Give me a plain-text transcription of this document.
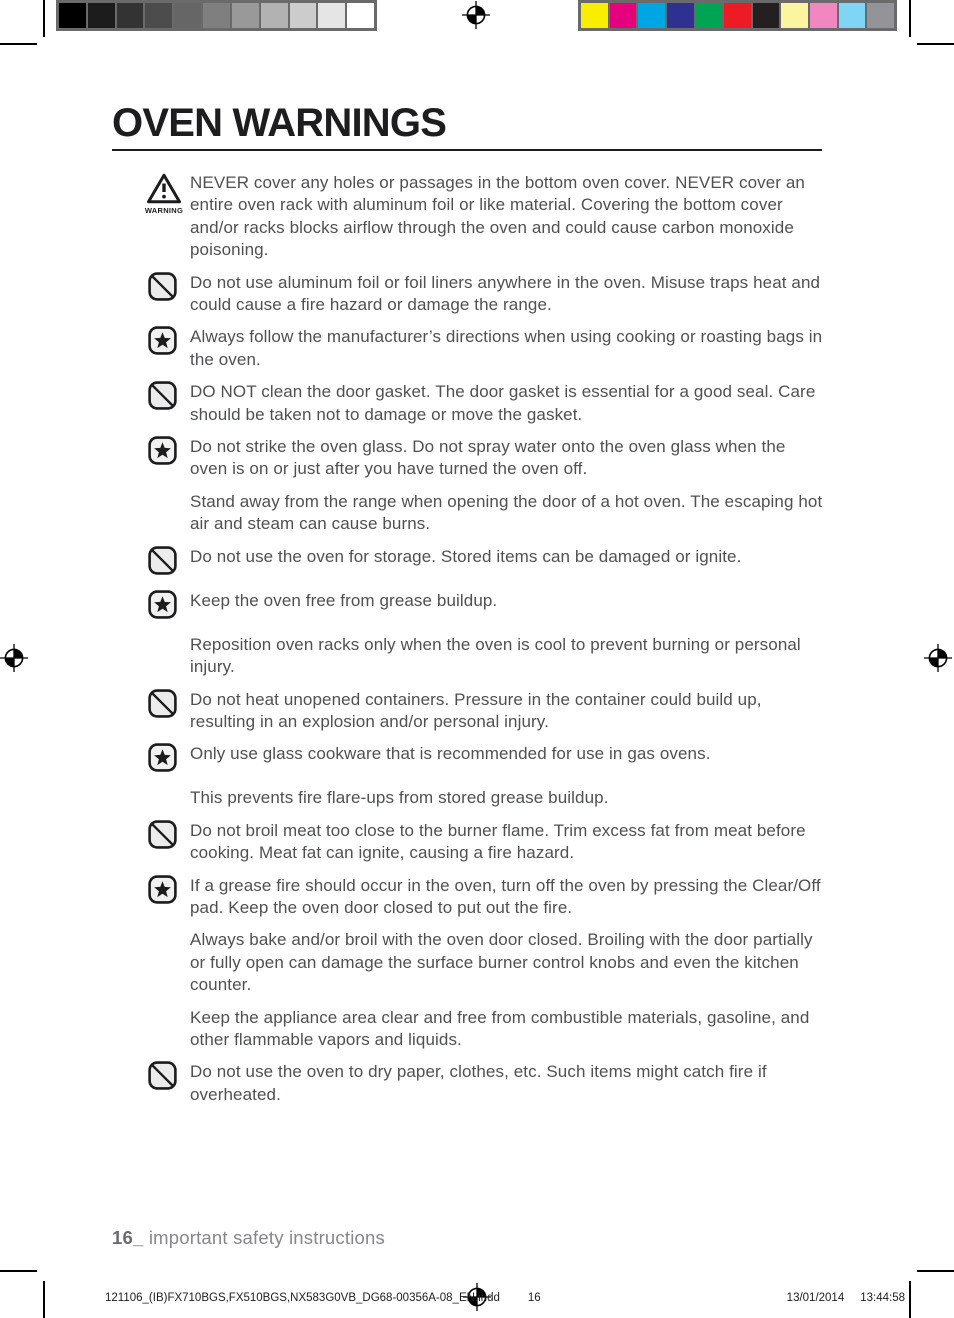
OVEN WARNINGS
WARNING

NEVER cover any holes or passages in the bottom oven cover. NEVER cover an entire oven rack with aluminum foil or like material. Covering the bottom cover and/or racks blocks airflow through the oven and could cause carbon monoxide poisoning.

Do not use aluminum foil or foil liners anywhere in the oven. Misuse traps heat and could cause a fire hazard or damage the range.

Always follow the manufacturer’s directions when using cooking or roasting bags in the oven.

DO NOT clean the door gasket. The door gasket is essential for a good seal. Care should be taken not to damage or move the gasket.

Do not strike the oven glass. Do not spray water onto the oven glass when the oven is on or just after you have turned the oven off.

Stand away from the range when opening the door of a hot oven. The escaping hot air and steam can cause burns.

Do not use the oven for storage. Stored items can be damaged or ignite.

Keep the oven free from grease buildup.

Reposition oven racks only when the oven is cool to prevent burning or personal injury.

Do not heat unopened containers. Pressure in the container could build up, resulting in an explosion and/or personal injury.

Only use glass cookware that is recommended for use in gas ovens.

This prevents fire flare-ups from stored grease buildup.

Do not broil meat too close to the burner flame. Trim excess fat from meat before cooking. Meat fat can ignite, causing a fire hazard.

If a grease fire should occur in the oven, turn off the oven by pressing the Clear/Off pad. Keep the oven door closed to put out the fire.

Always bake and/or broil with the oven door closed. Broiling with the door partially or fully open can damage the surface burner control knobs and even the kitchen counter.

Keep the appliance area clear and free from combustible materials, gasoline, and other flammable vapors and liquids.

Do not use the oven to dry paper, clothes, etc. Such items might catch fire if overheated.

16_ important safety instructions
121106_(IB)FX710BGS,FX510BGS,NX583G0VB_DG68-00356A-08_EN.indd 16	13/01/2014 13:44:58
